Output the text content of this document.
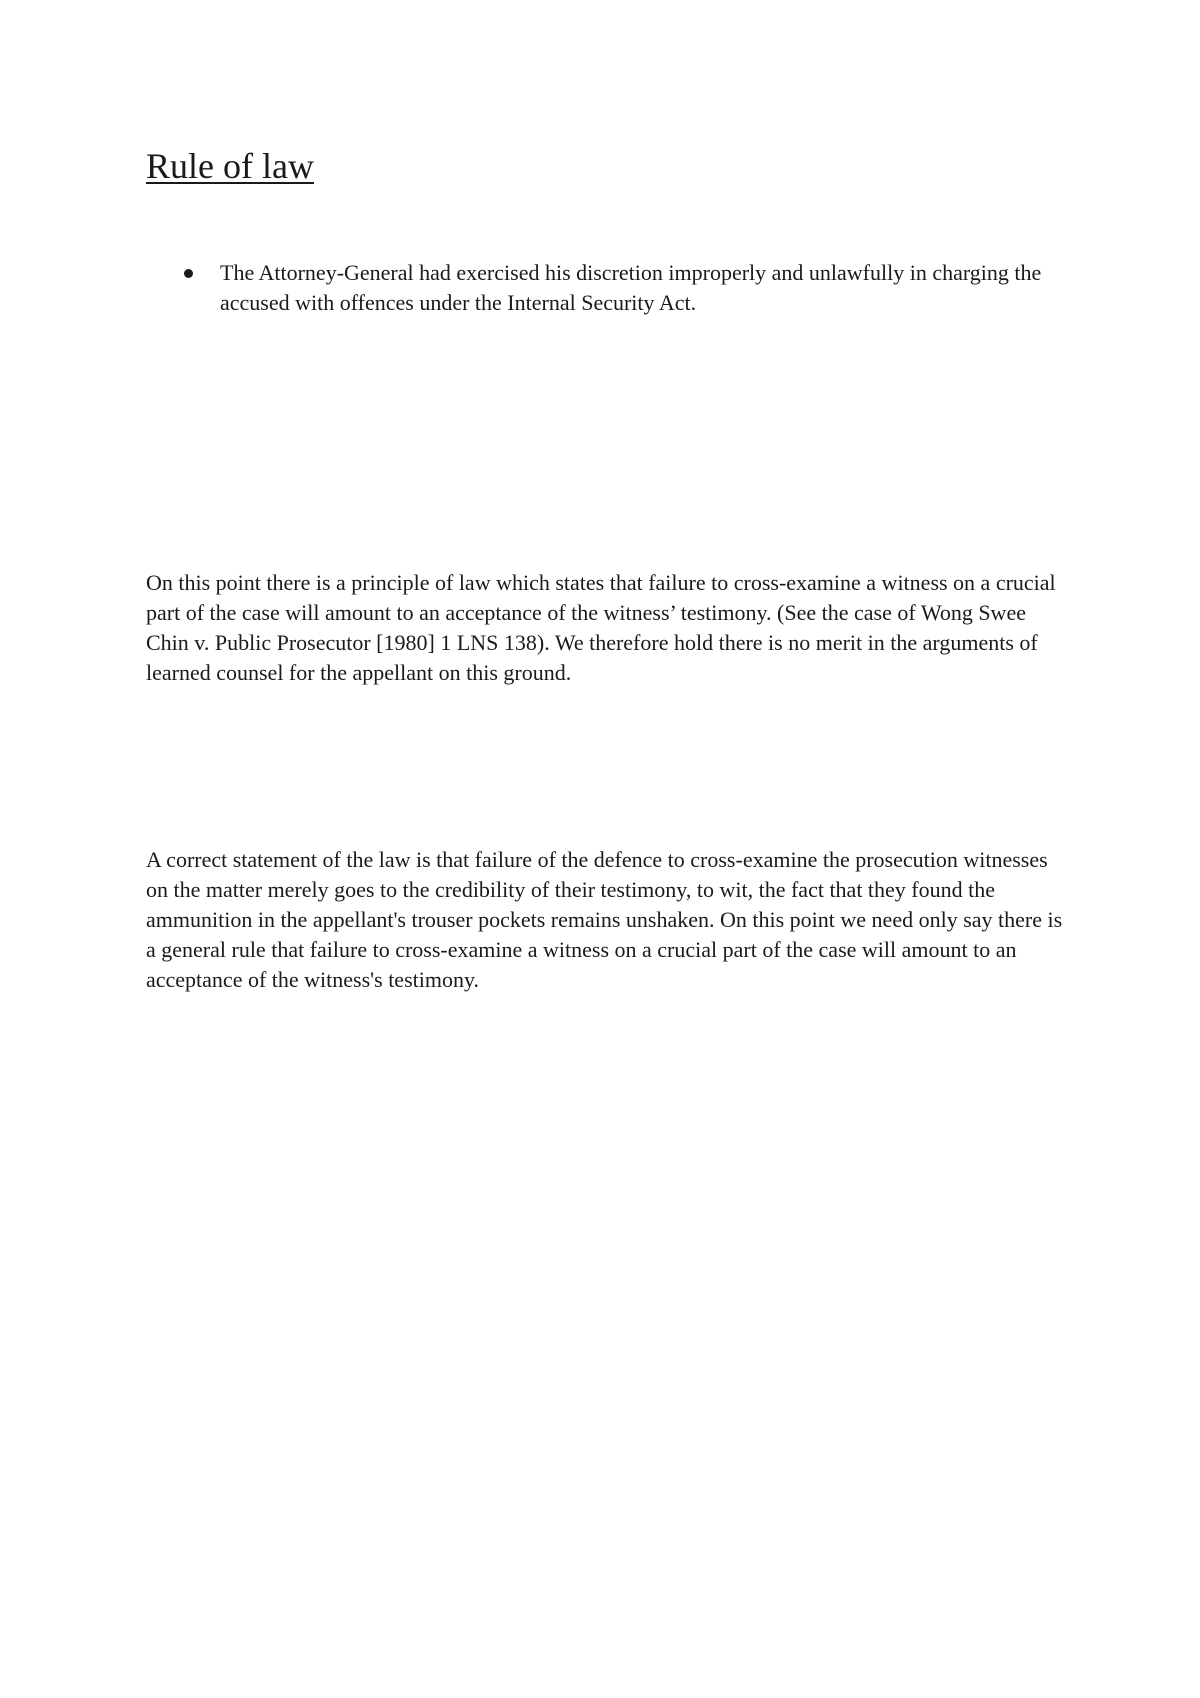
Rule of law
The Attorney-General had exercised his discretion improperly and unlawfully in charging the accused with offences under the Internal Security Act.

On this point there is a principle of law which states that failure to cross-examine a witness on a crucial part of the case will amount to an acceptance of the witness’ testimony. (See the case of Wong Swee Chin v. Public Prosecutor [1980] 1 LNS 138). We therefore hold there is no merit in the arguments of learned counsel for the appellant on this ground.

A correct statement of the law is that failure of the defence to cross-examine the prosecution witnesses on the matter merely goes to the credibility of their testimony, to wit, the fact that they found the ammunition in the appellant's trouser pockets remains unshaken. On this point we need only say there is a general rule that failure to cross-examine a witness on a crucial part of the case will amount to an acceptance of the witness's testimony.
